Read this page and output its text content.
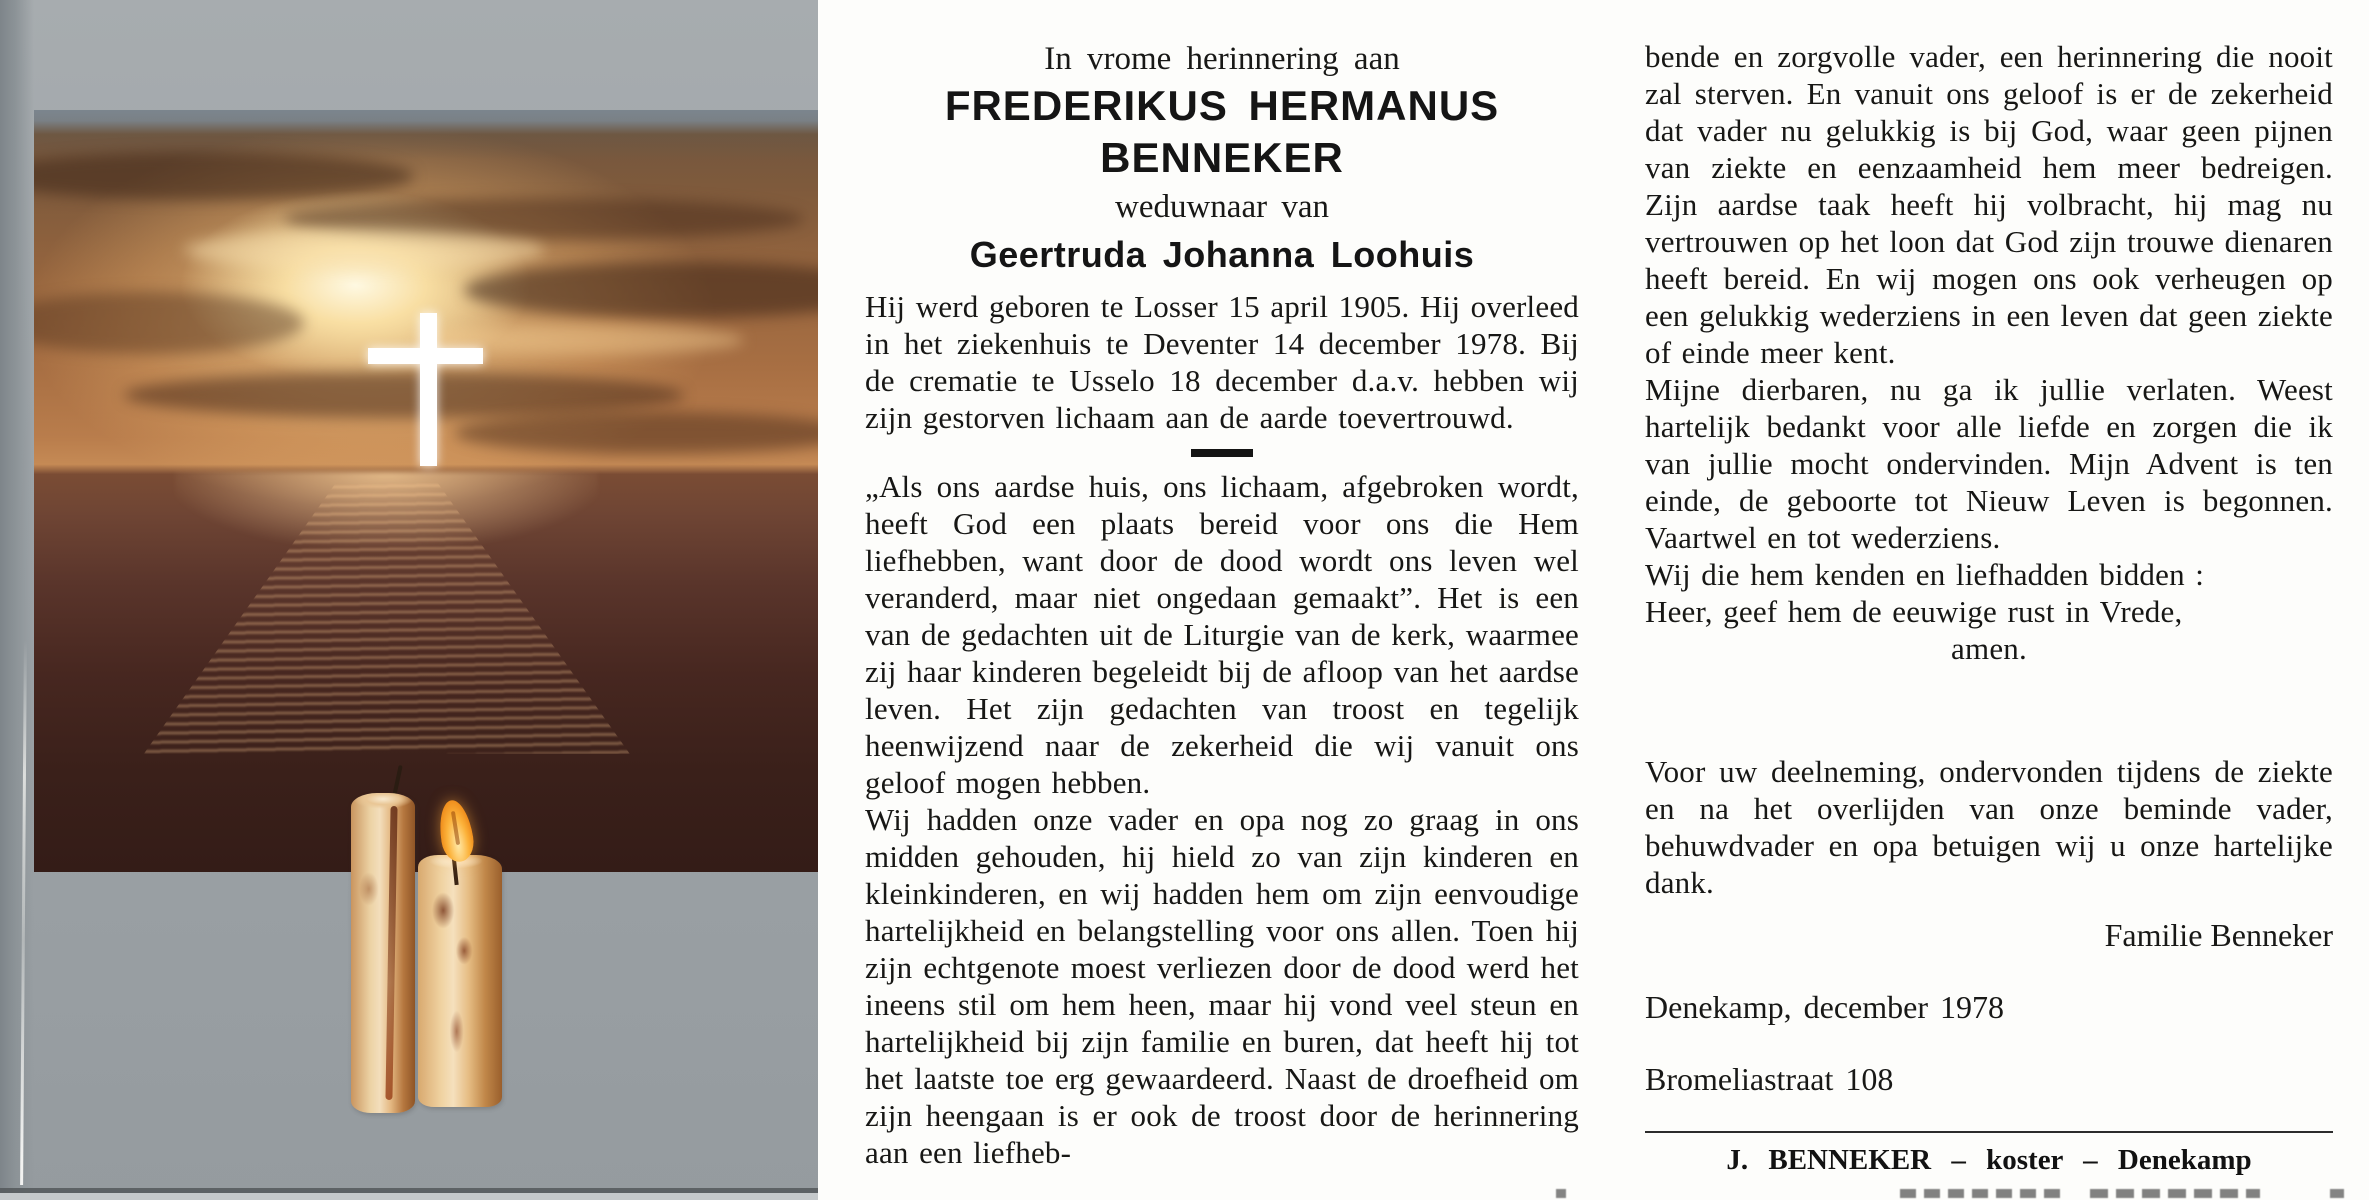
In vrome herinnering aan

FREDERIKUS HERMANUS BENNEKER

weduwnaar van

Geertruda Johanna Loohuis

Hij werd geboren te Losser 15 april 1905. Hij overleed in het ziekenhuis te Deventer 14 december 1978. Bij de crematie te Usselo 18 december d.a.v. hebben wij zijn gestorven lichaam aan de aarde toevertrouwd.

„Als ons aardse huis, ons lichaam, afgebroken wordt, heeft God een plaats bereid voor ons die Hem liefhebben, want door de dood wordt ons leven wel veranderd, maar niet ongedaan gemaakt”. Het is een van de gedachten uit de Liturgie van de kerk, waarmee zij haar kinderen begeleidt bij de afloop van het aardse leven. Het zijn gedachten van troost en tegelijk heenwijzend naar de zekerheid die wij vanuit ons geloof mogen hebben.

Wij hadden onze vader en opa nog zo graag in ons midden gehouden, hij hield zo van zijn kinderen en kleinkinderen, en wij hadden hem om zijn eenvoudige hartelijkheid en belangstelling voor ons allen. Toen hij zijn echtgenote moest verliezen door de dood werd het ineens stil om hem heen, maar hij vond veel steun en hartelijkheid bij zijn familie en buren, dat heeft hij tot het laatste toe erg gewaardeerd. Naast de droefheid om zijn heengaan is er ook de troost door de herinnering aan een liefheb-

bende en zorgvolle vader, een herinnering die nooit zal sterven. En vanuit ons geloof is er de zekerheid dat vader nu gelukkig is bij God, waar geen pijnen van ziekte en eenzaamheid hem meer bedreigen. Zijn aardse taak heeft hij volbracht, hij mag nu vertrouwen op het loon dat God zijn trouwe dienaren heeft bereid. En wij mogen ons ook verheugen op een gelukkig wederziens in een leven dat geen ziekte of einde meer kent.

Mijne dierbaren, nu ga ik jullie verlaten. Weest hartelijk bedankt voor alle liefde en zorgen die ik van jullie mocht ondervinden. Mijn Advent is ten einde, de geboorte tot Nieuw Leven is begonnen. Vaartwel en tot wederziens.

Wij die hem kenden en liefhadden bidden :

Heer, geef hem de eeuwige rust in Vrede,

amen.

Voor uw deelneming, ondervonden tijdens de ziekte en na het overlijden van onze beminde vader, behuwdvader en opa betuigen wij u onze hartelijke dank.

Familie Benneker

Denekamp, december 1978

Bromeliastraat 108

J. BENNEKER – koster – Denekamp
